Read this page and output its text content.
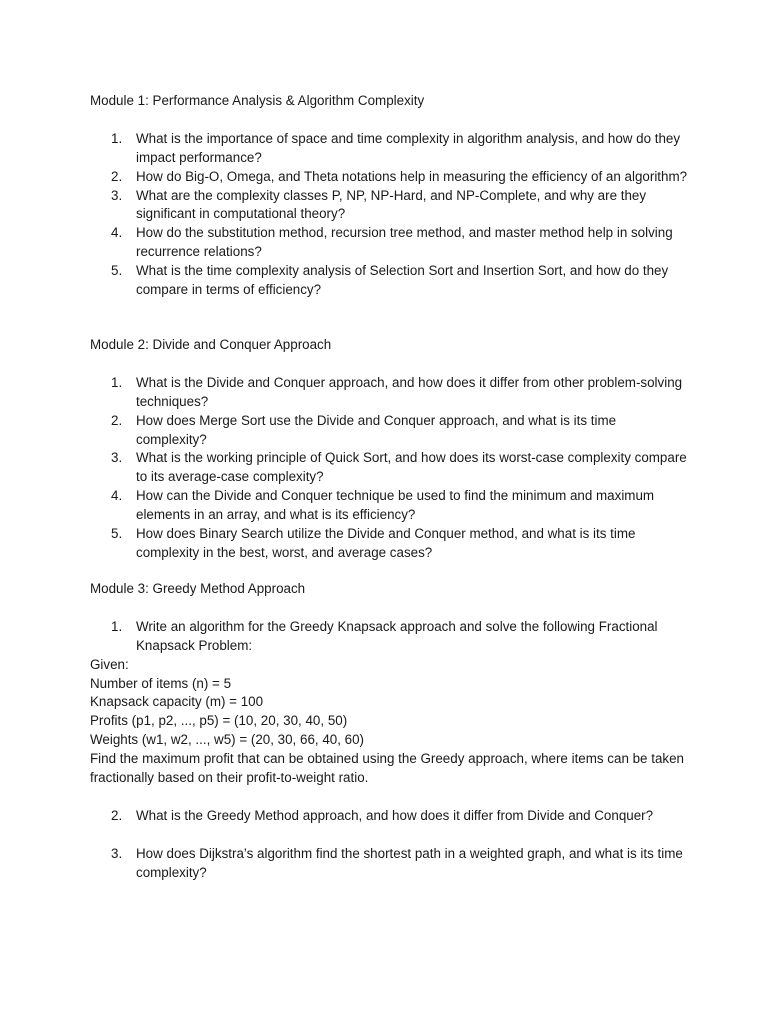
Module 1: Performance Analysis & Algorithm Complexity

1. What is the importance of space and time complexity in algorithm analysis, and how do they impact performance?
2. How do Big-O, Omega, and Theta notations help in measuring the efficiency of an algorithm?
3. What are the complexity classes P, NP, NP-Hard, and NP-Complete, and why are they significant in computational theory?
4. How do the substitution method, recursion tree method, and master method help in solving recurrence relations?
5. What is the time complexity analysis of Selection Sort and Insertion Sort, and how do they compare in terms of efficiency?

Module 2: Divide and Conquer Approach

1. What is the Divide and Conquer approach, and how does it differ from other problem-solving techniques?
2. How does Merge Sort use the Divide and Conquer approach, and what is its time complexity?
3. What is the working principle of Quick Sort, and how does its worst-case complexity compare to its average-case complexity?
4. How can the Divide and Conquer technique be used to find the minimum and maximum elements in an array, and what is its efficiency?
5. How does Binary Search utilize the Divide and Conquer method, and what is its time complexity in the best, worst, and average cases?

Module 3: Greedy Method Approach

1. Write an algorithm for the Greedy Knapsack approach and solve the following Fractional Knapsack Problem:

Given:

Number of items (n) = 5

Knapsack capacity (m) = 100

Profits (p1, p2, ..., p5) = (10, 20, 30, 40, 50)

Weights (w1, w2, ..., w5) = (20, 30, 66, 40, 60)

Find the maximum profit that can be obtained using the Greedy approach, where items can be taken fractionally based on their profit-to-weight ratio.

2. What is the Greedy Method approach, and how does it differ from Divide and Conquer?
3. How does Dijkstra’s algorithm find the shortest path in a weighted graph, and what is its time complexity?
